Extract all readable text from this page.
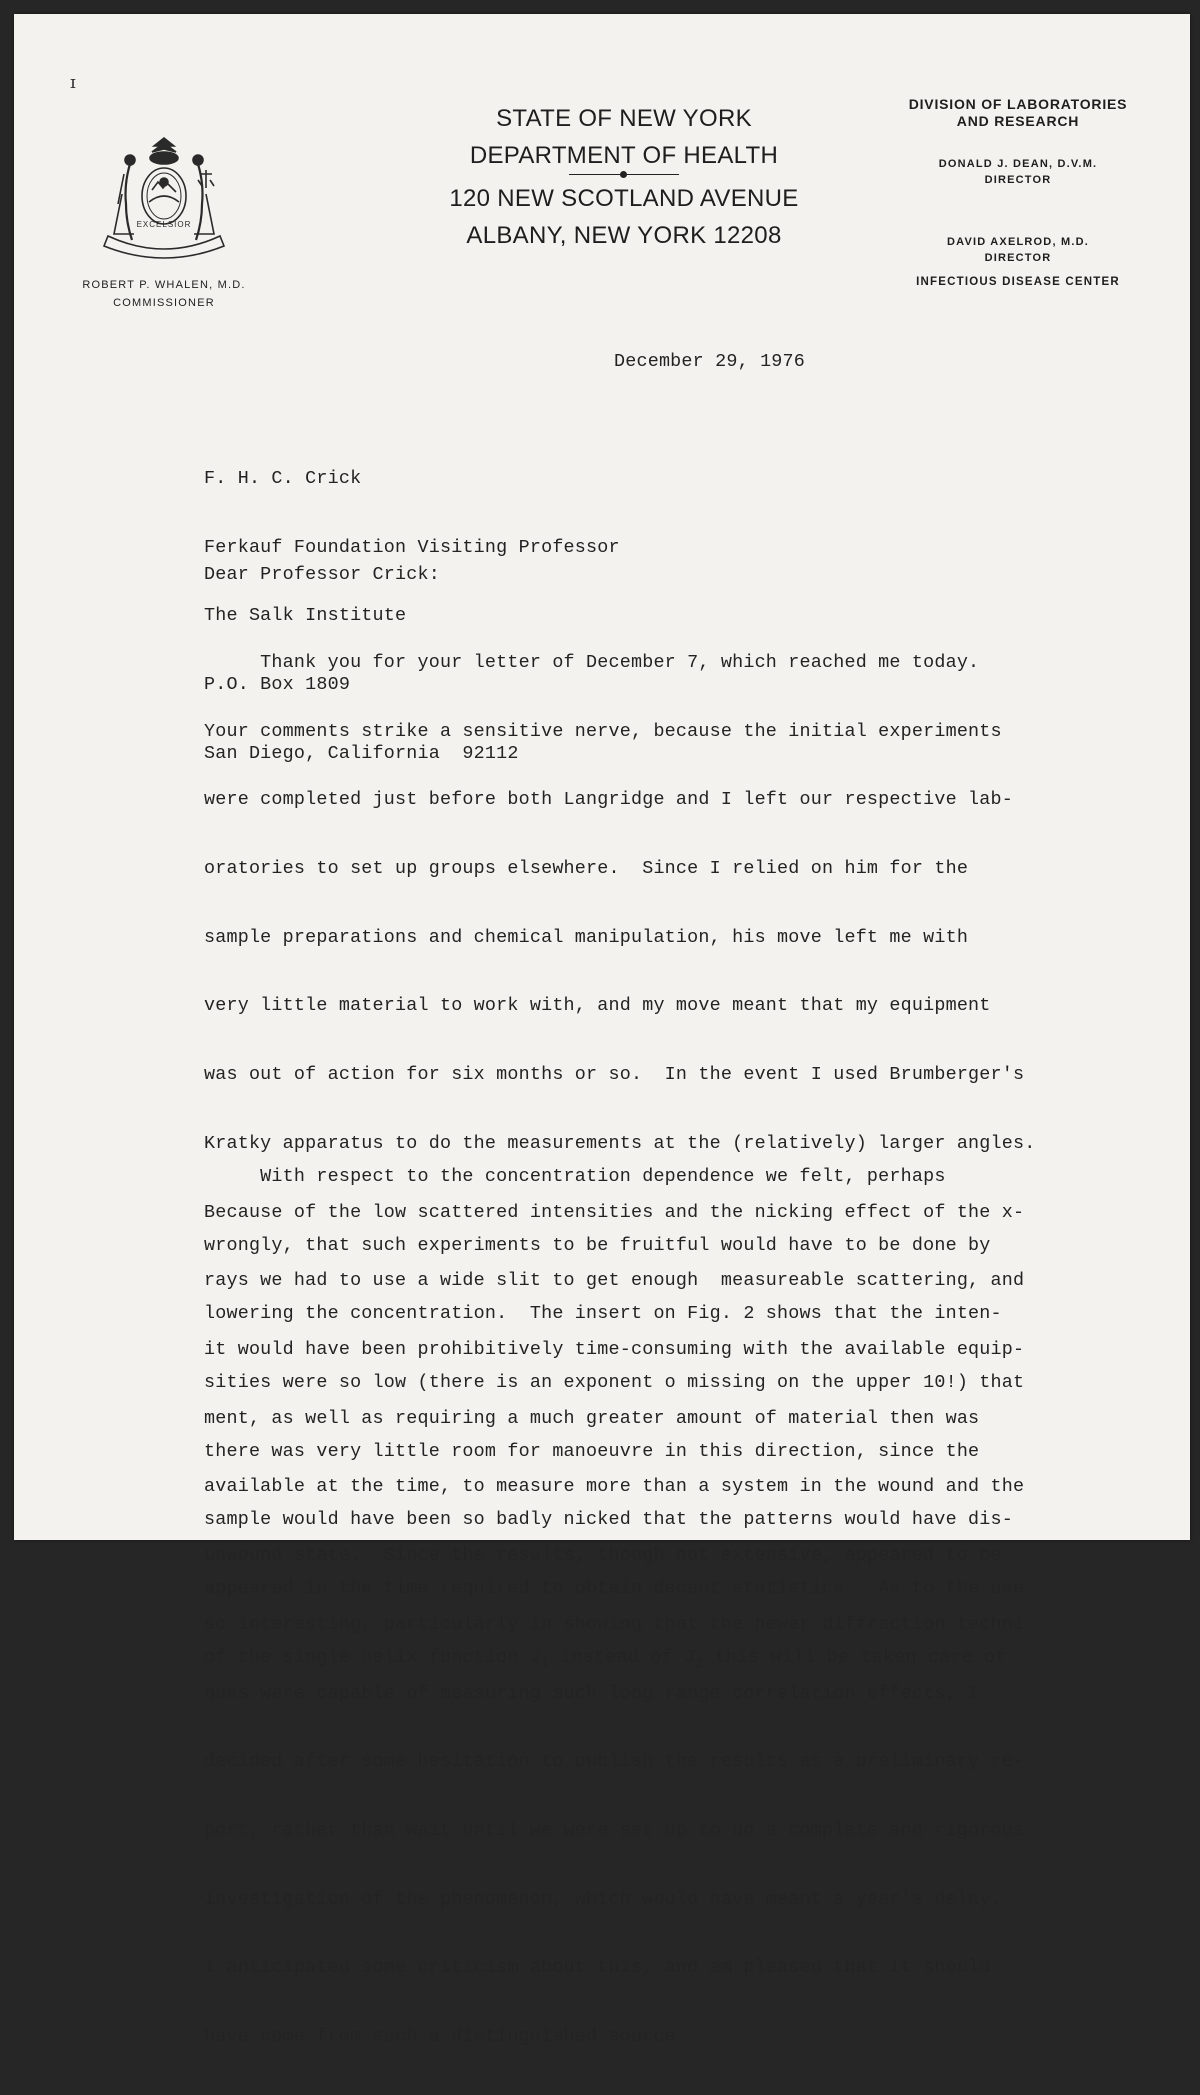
ɪ
EXCELSIOR
STATE OF NEW YORK
DEPARTMENT OF HEALTH
120 NEW SCOTLAND AVENUE
ALBANY, NEW YORK 12208
DIVISION OF LABORATORIES
AND RESEARCH
DONALD J. DEAN, D.V.M.
DIRECTOR
DAVID AXELROD, M.D.
DIRECTOR
INFECTIOUS DISEASE CENTER
ROBERT P. WHALEN, M.D.
COMMISSIONER
December 29, 1976

F. H. C. Crick

Ferkauf Foundation Visiting Professor

The Salk Institute

P.O. Box 1809

San Diego, California  92112

Dear Professor Crick:

Thank you for your letter of December 7, which reached me today.

Your comments strike a sensitive nerve, because the initial experiments

were completed just before both Langridge and I left our respective lab-

oratories to set up groups elsewhere.  Since I relied on him for the

sample preparations and chemical manipulation, his move left me with

very little material to work with, and my move meant that my equipment

was out of action for six months or so.  In the event I used Brumberger's

Kratky apparatus to do the measurements at the (relatively) larger angles.

Because of the low scattered intensities and the nicking effect of the x-

rays we had to use a wide slit to get enough  measureable scattering, and

it would have been prohibitively time-consuming with the available equip-

ment, as well as requiring a much greater amount of material then was

available at the time, to measure more than a system in the wound and the

unwound state.  Since the results, though not extensive, appeared to be

so interesting, particularly in showing that the newer diffraction techni-

ques were capable of measuring such long range correlation effects, I

decided after some hesitation to publish the results as a preliminary re-

port, rather than wait until we were set up to do a complete and rigorous

investigation of the phenomenon, which would have meant a year's delay.

I anticipated some criticism about this, and am pleased that it should

have come from such a distinguished source.

With respect to the concentration dependence we felt, perhaps

wrongly, that such experiments to be fruitful would have to be done by

lowering the concentration.  The insert on Fig. 2 shows that the inten-

sities were so low (there is an exponent o missing on the upper 10!) that

there was very little room for manoeuvre in this direction, since the

sample would have been so badly nicked that the patterns would have dis-

appeared in the time required to obtain decent statistics.  As to the use

of the single helix function $J_1$ instead of $J_2$ this will be taken care of
